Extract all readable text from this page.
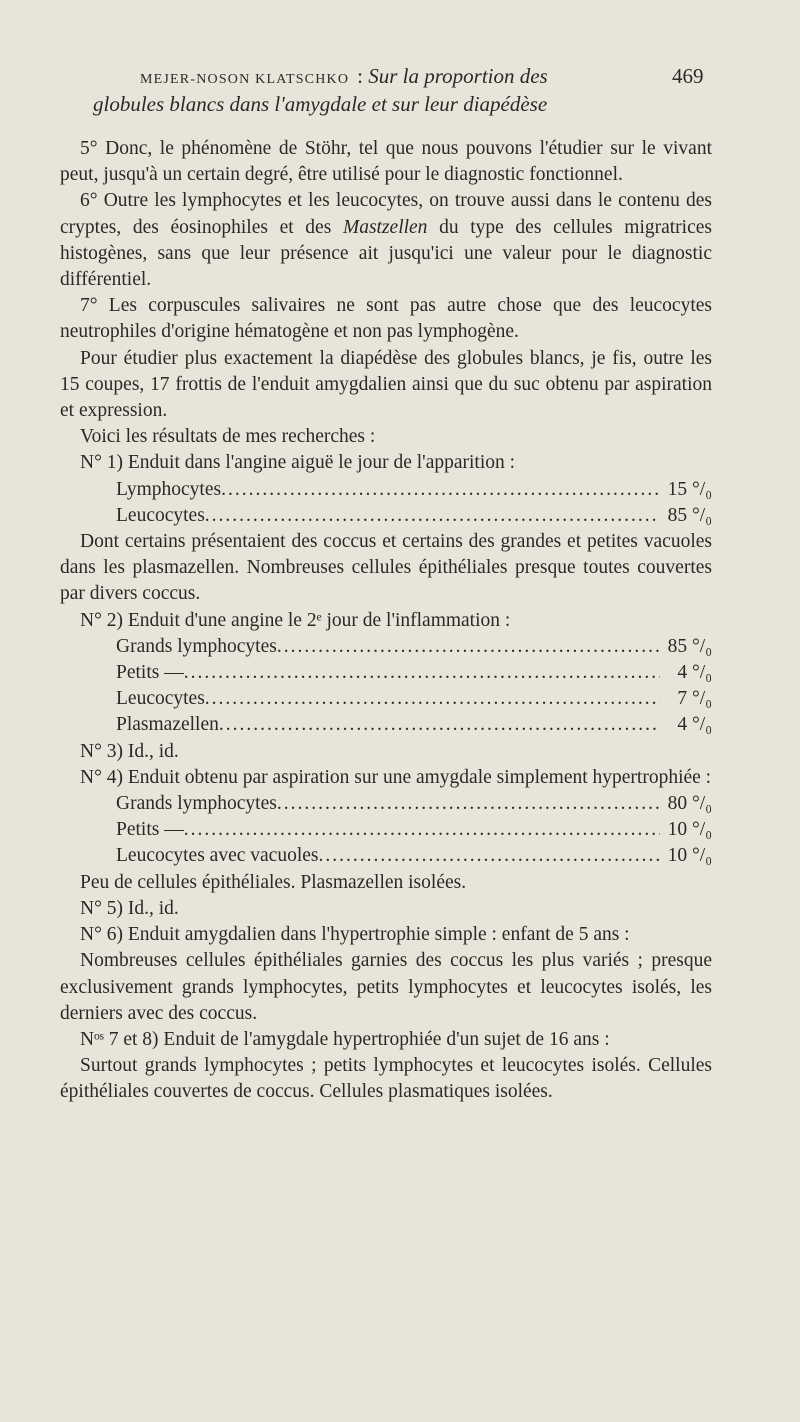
MEJER-NOSON KLATSCHKO : Sur la proportion des	469
globules blancs dans l'amygdale et sur leur diapédèse

5° Donc, le phénomène de Stöhr, tel que nous pouvons l'étudier sur le vivant peut, jusqu'à un certain degré, être utilisé pour le diagnostic fonctionnel.

6° Outre les lymphocytes et les leucocytes, on trouve aussi dans le contenu des cryptes, des éosinophiles et des Mastzellen du type des cellules migratrices histogènes, sans que leur présence ait jusqu'ici une valeur pour le diagnostic différentiel.

7° Les corpuscules salivaires ne sont pas autre chose que des leucocytes neutrophiles d'origine hématogène et non pas lymphogène.

Pour étudier plus exactement la diapédèse des globules blancs, je fis, outre les 15 coupes, 17 frottis de l'enduit amygdalien ainsi que du suc obtenu par aspiration et expression.

Voici les résultats de mes recherches :

N° 1) Enduit dans l'angine aiguë le jour de l'apparition :

Lymphocytes .....	15 °/₀
Leucocytes .....	85 °/₀

Dont certains présentaient des coccus et certains des grandes et petites vacuoles dans les plasmazellen. Nombreuses cellules épithéliales presque toutes couvertes par divers coccus.

N° 2) Enduit d'une angine le 2ᵉ jour de l'inflammation :

Grands lymphocytes .....	85 °/₀
Petits — .....	4 °/₀
Leucocytes .....	7 °/₀
Plasmazellen .....	4 °/₀

N° 3) Id., id.

N° 4) Enduit obtenu par aspiration sur une amygdale simplement hypertrophiée :

Grands lymphocytes .....	80 °/₀
Petits — .....	10 °/₀
Leucocytes avec vacuoles .....	10 °/₀

Peu de cellules épithéliales. Plasmazellen isolées.

N° 5) Id., id.

N° 6) Enduit amygdalien dans l'hypertrophie simple : enfant de 5 ans :

Nombreuses cellules épithéliales garnies des coccus les plus variés ; presque exclusivement grands lymphocytes, petits lymphocytes et leucocytes isolés, les derniers avec des coccus.

Nᵒˢ 7 et 8) Enduit de l'amygdale hypertrophiée d'un sujet de 16 ans :

Surtout grands lymphocytes ; petits lymphocytes et leucocytes isolés. Cellules épithéliales couvertes de coccus. Cellules plasmatiques isolées.
